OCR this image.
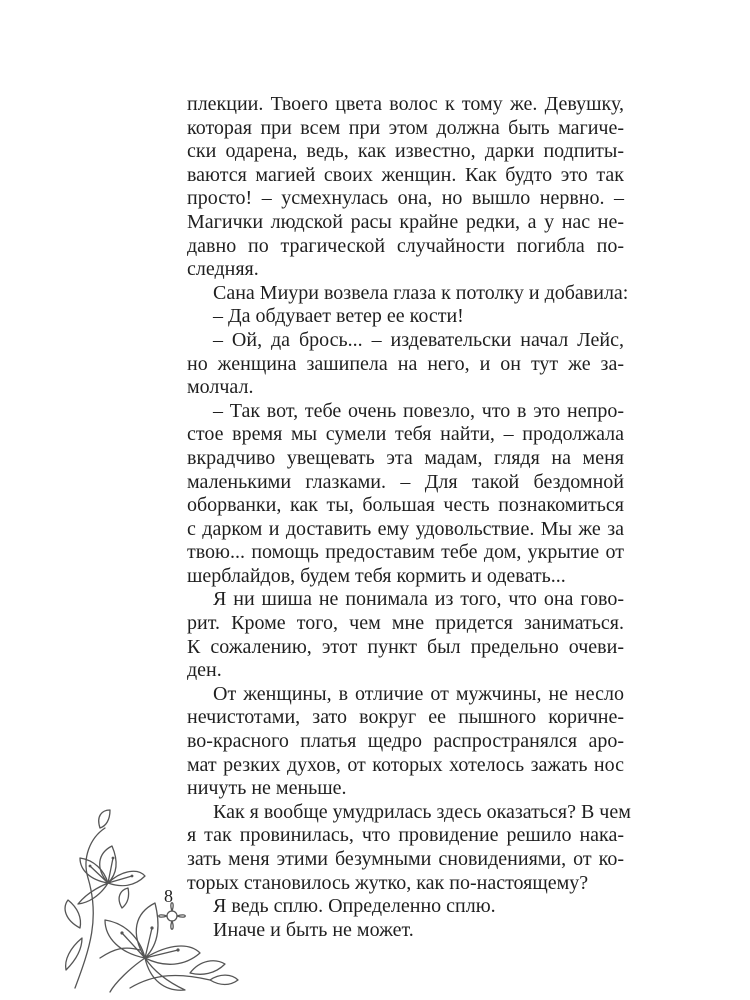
плекции. Твоего цвета волос к тому же. Девушку,
которая при всем при этом должна быть магиче-
ски одарена, ведь, как известно, дарки подпиты-
ваются магией своих женщин. Как будто это так
просто! – усмехнулась она, но вышло нервно. –
Магички людской расы крайне редки, а у нас не-
давно по трагической случайности погибла по-
следняя.
Сана Миури возвела глаза к потолку и добавила:
– Да обдувает ветер ее кости!
– Ой, да брось... – издевательски начал Лейс,
но женщина зашипела на него, и он тут же за-
молчал.
– Так вот, тебе очень повезло, что в это непро-
стое время мы сумели тебя найти, – продолжала
вкрадчиво увещевать эта мадам, глядя на меня
маленькими глазками. – Для такой бездомной
оборванки, как ты, большая честь познакомиться
с дарком и доставить ему удовольствие. Мы же за
твою... помощь предоставим тебе дом, укрытие от
шерблайдов, будем тебя кормить и одевать...
Я ни шиша не понимала из того, что она гово-
рит. Кроме того, чем мне придется заниматься.
К сожалению, этот пункт был предельно очеви-
ден.
От женщины, в отличие от мужчины, не несло
нечистотами, зато вокруг ее пышного коричне-
во-красного платья щедро распространялся аро-
мат резких духов, от которых хотелось зажать нос
ничуть не меньше.
Как я вообще умудрилась здесь оказаться? В чем
я так провинилась, что провидение решило нака-
зать меня этими безумными сновидениями, от ко-
торых становилось жутко, как по-настоящему?
Я ведь сплю. Определенно сплю.
Иначе и быть не может.
8
